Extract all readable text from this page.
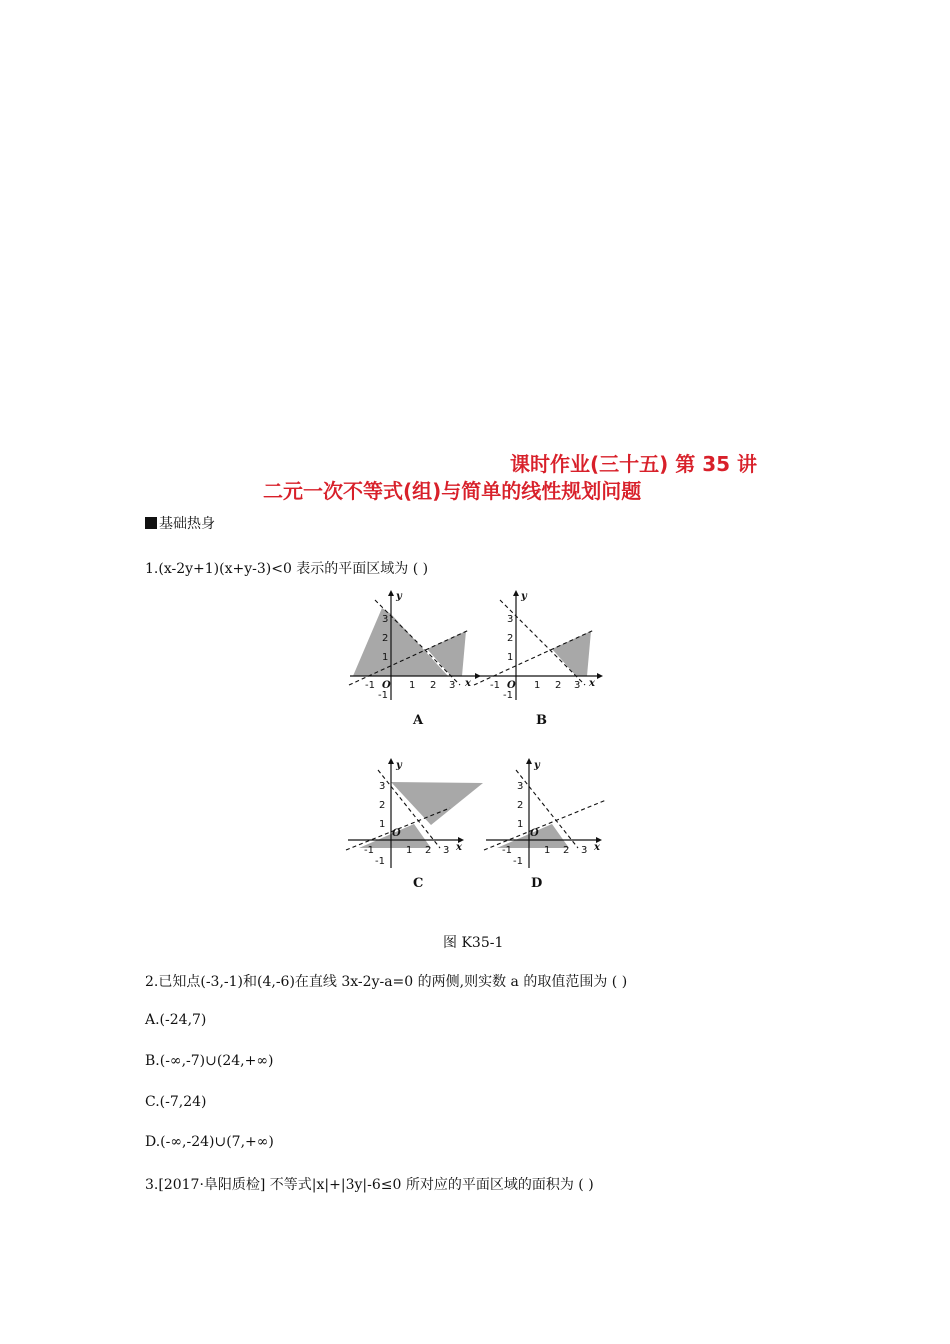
课时作业(三十五) 第 35 讲
二元一次不等式(组)与简单的线性规划问题
基础热身
1.(x-2y+1)(x+y-3)<0 表示的平面区域为 ( )
y
x
-1 O 1 2 3
3
2
1
-1
A
y
x
-1 O 1 2 3
3
2
1
-1
B
y
x
-1
O
1 2 3
3
2
1
-1
C
y
x
-1
O
1 2 3
3
2
1
-1
D
图 K35-1
2.已知点(-3,-1)和(4,-6)在直线 3x-2y-a=0 的两侧,则实数 a 的取值范围为 ( )
A.(-24,7)
B.(-∞,-7)∪(24,+∞)
C.(-7,24)
D.(-∞,-24)∪(7,+∞)
3.[2017·阜阳质检] 不等式|x|+|3y|-6≤0 所对应的平面区域的面积为 ( )
